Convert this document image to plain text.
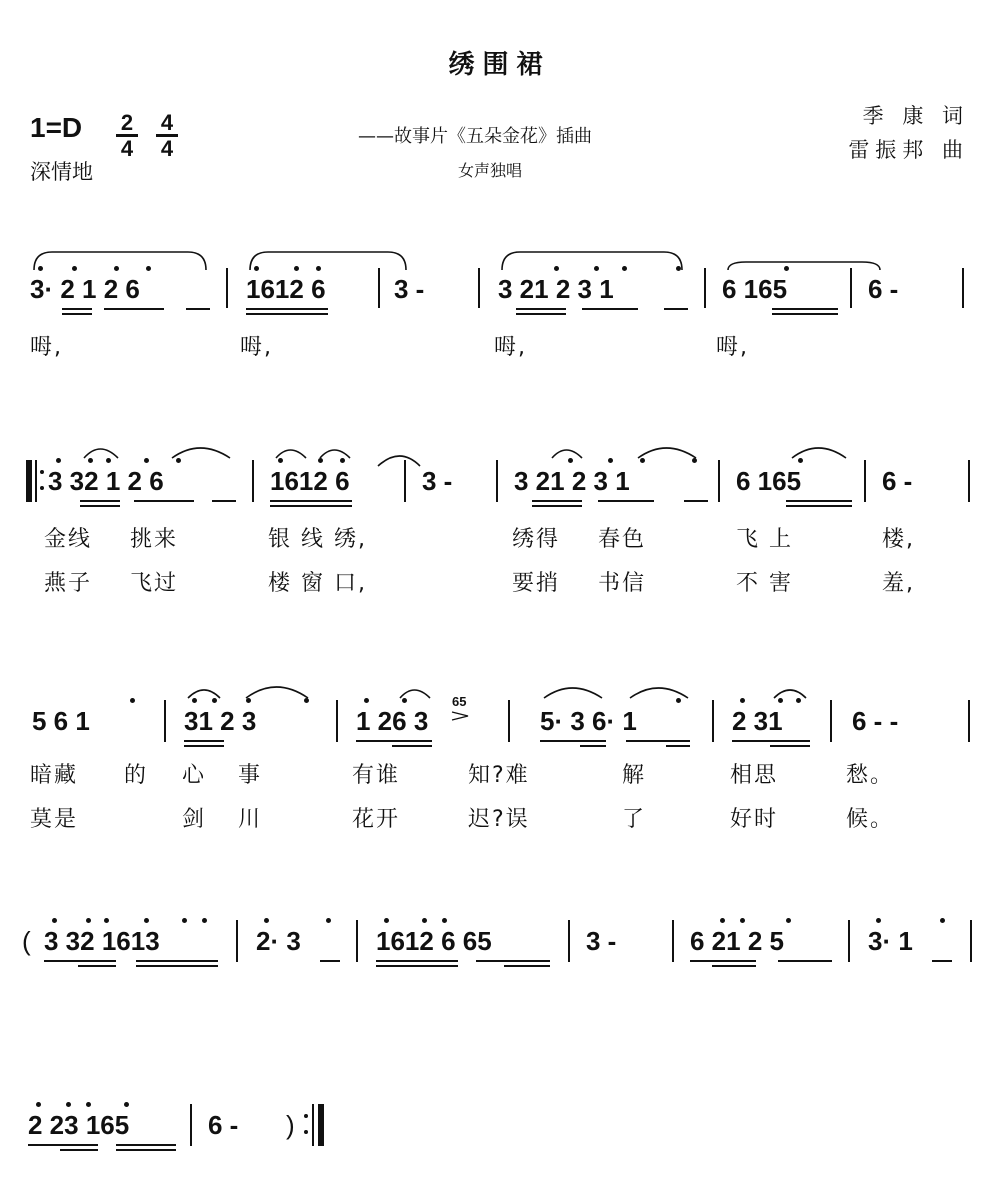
绣围裙
1=D	2
4
4
4
深情地
——故事片《五朵金花》插曲
女声独唱
季 康 词
雷振邦 曲
3· 2 1 2 6	1612 6	3 -	3 21 2 3 1	6 165	6 -
呣,	呣,	呣,	呣,
3 32 1 2 6	1612 6	3 - 3 21 2 3 1	6 165	6 -
金线 挑来	银 线 绣,	绣得 春色	飞 上	楼,
燕子 飞过	楼 窗 口,	要捎 书信	不 害	羞,
5 6 1	31 2 3	1 26 3
65
5· 3 6· 1	2 31	6 - -
暗藏 的 心 事	有谁	知?难	解	相思	愁。
莫是	剑 川	花开	迟?误	了	好时	候。
( 3 32 1613	2· 3	1612 6 65	3 -	6 21 2 5	3· 1
2 23 165	6 - )
